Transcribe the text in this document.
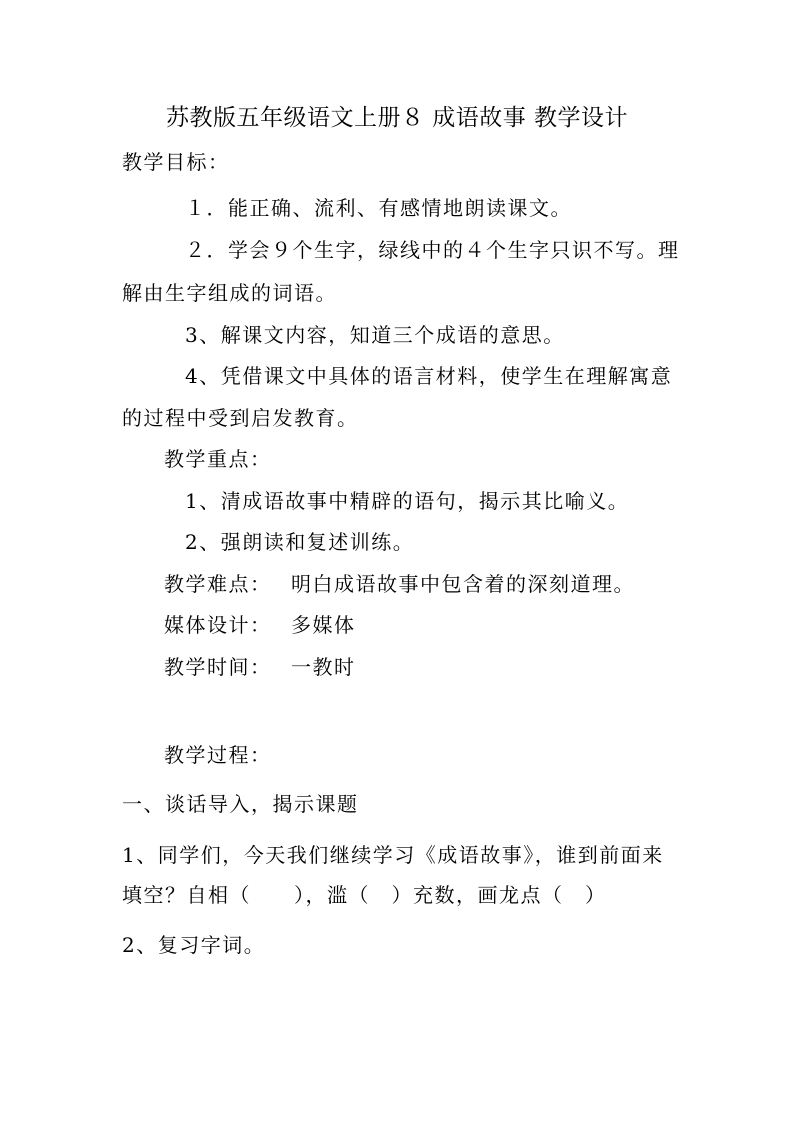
苏教版五年级语文上册８ 成语故事 教学设计
教学目标：
１．能正确、流利、有感情地朗读课文。
２．学会９个生字，绿线中的４个生字只识不写。理
解由生字组成的词语。
3、解课文内容，知道三个成语的意思。
4、凭借课文中具体的语言材料，使学生在理解寓意
的过程中受到启发教育。
教学重点：
1、清成语故事中精辟的语句，揭示其比喻义。
2、强朗读和复述训练。
教学难点： 明白成语故事中包含着的深刻道理。
媒体设计： 多媒体
教学时间： 一教时
教学过程：
一、谈话导入，揭示课题
1、同学们，今天我们继续学习《成语故事》，谁到前面来
填空？自相（　　），滥（　）充数，画龙点（　）
2、复习字词。
